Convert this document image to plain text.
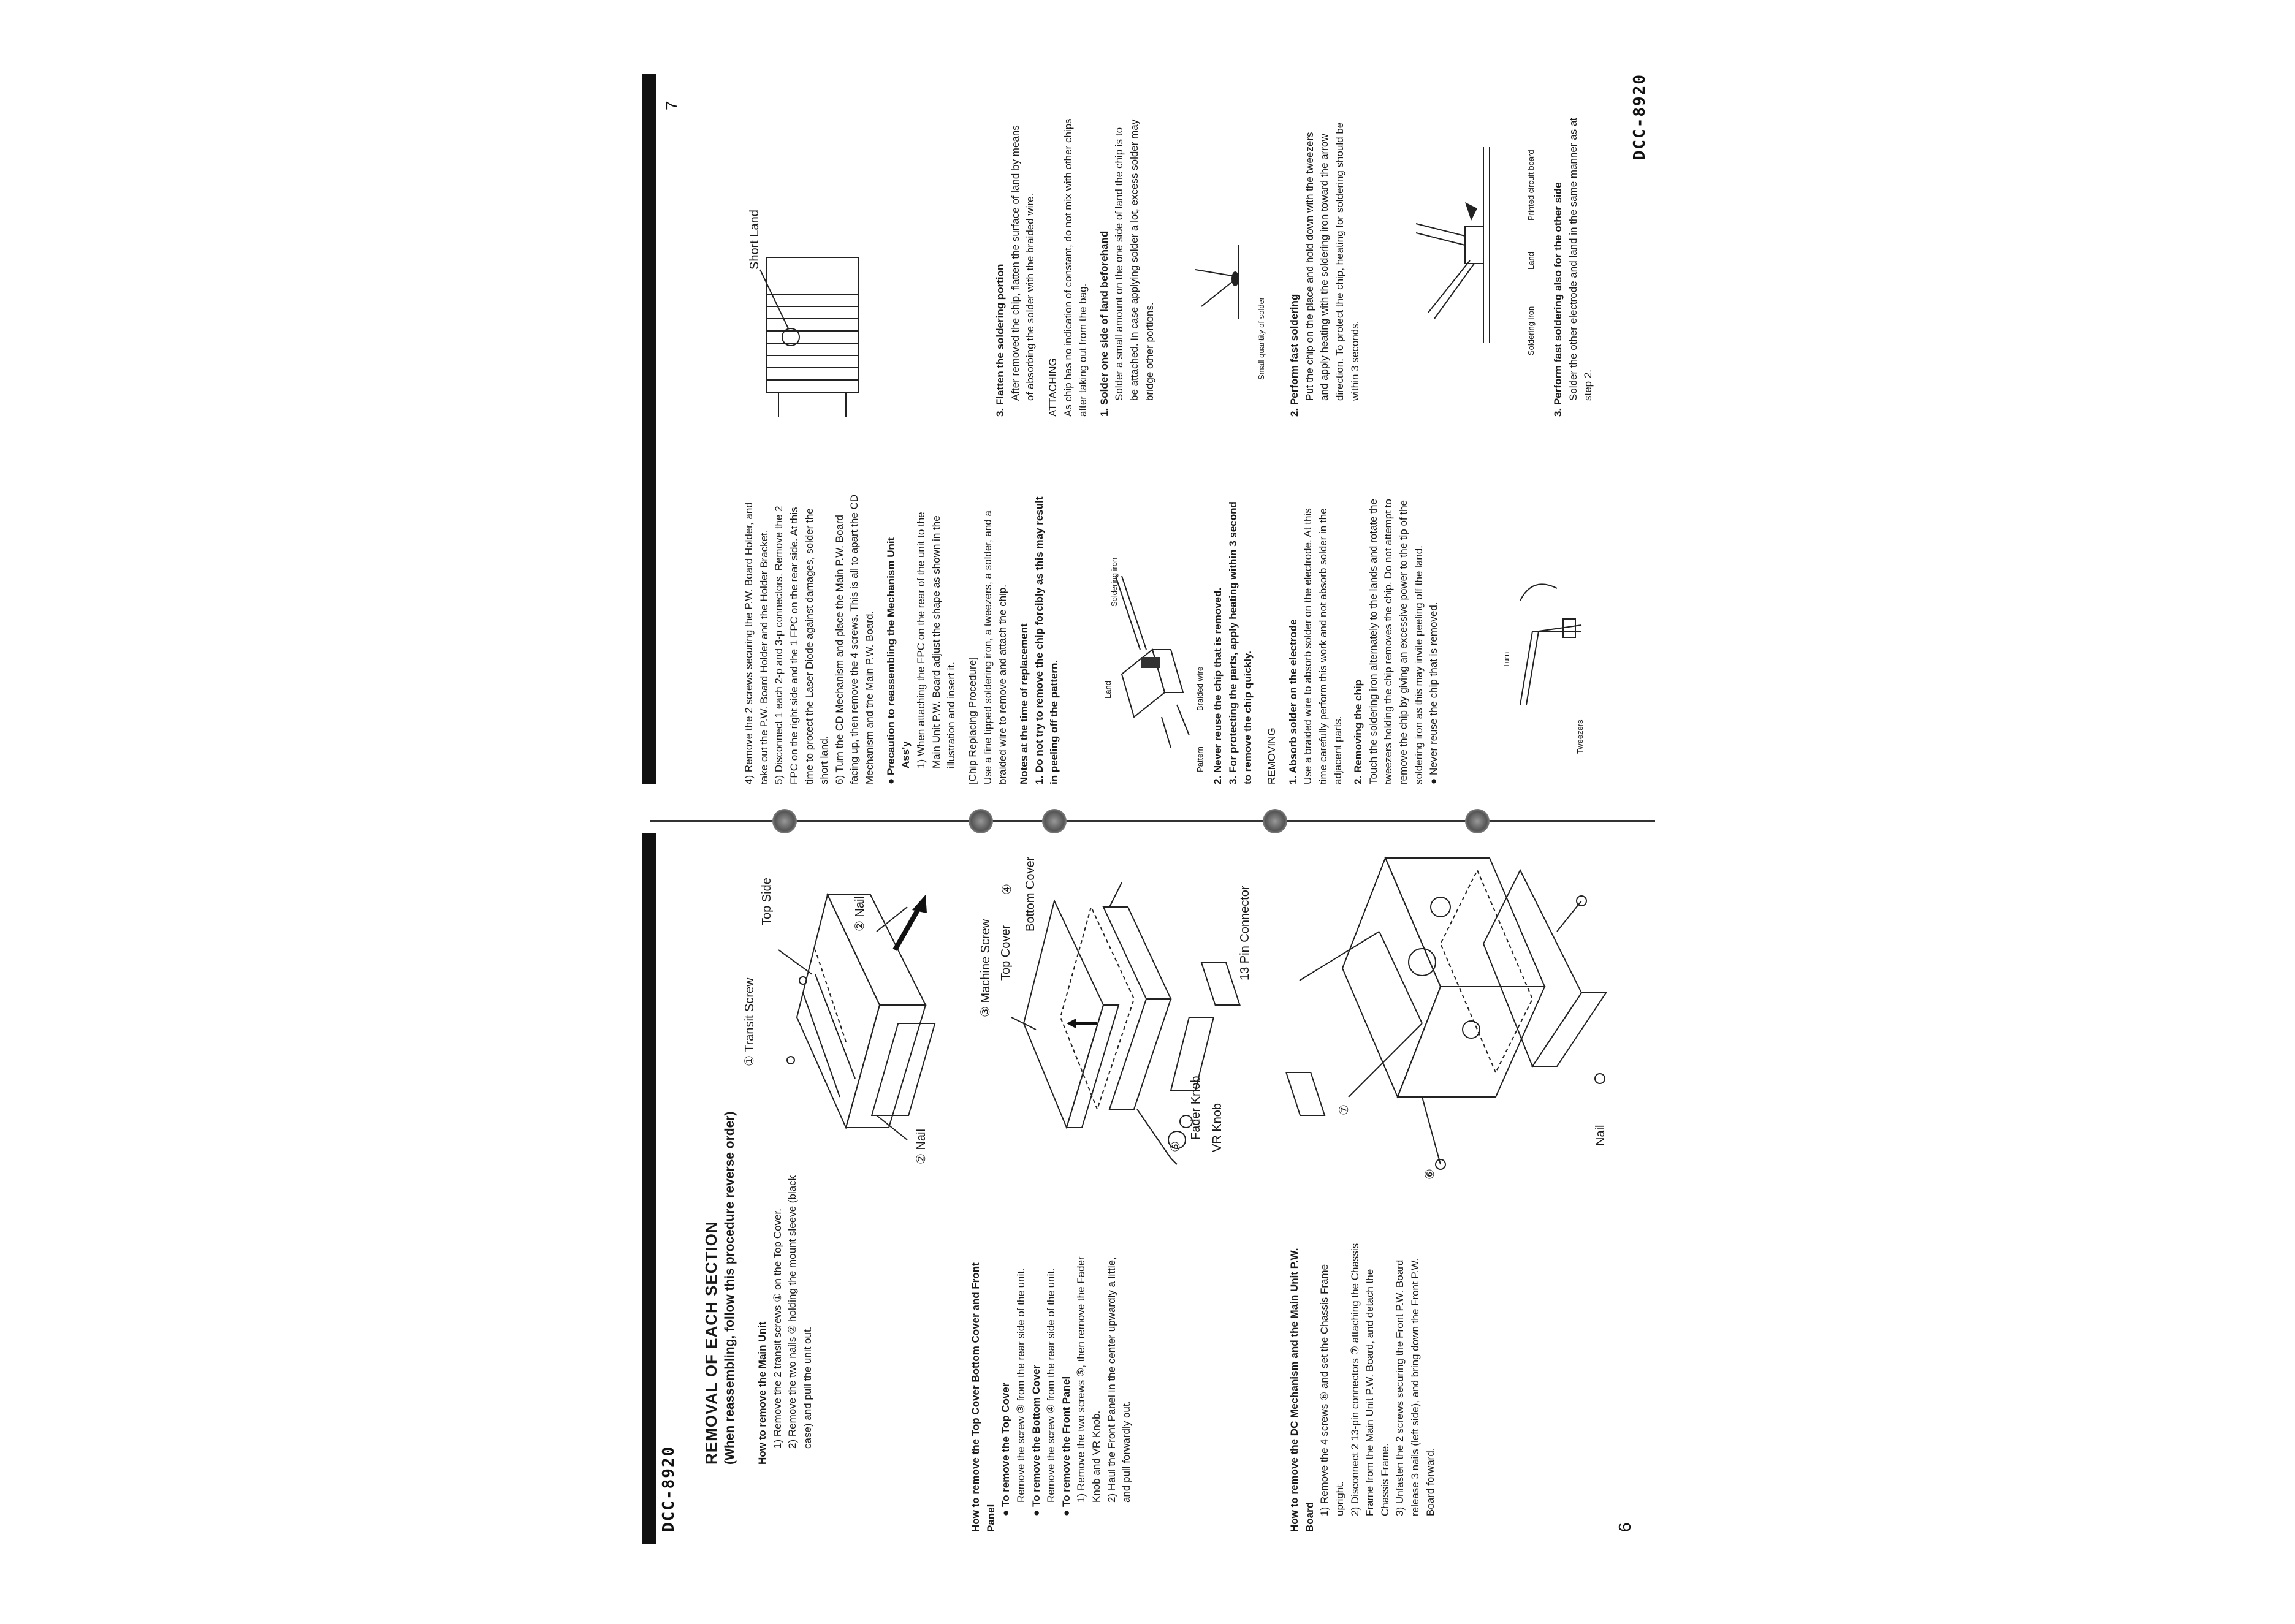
DCC-8920	6
REMOVAL OF EACH SECTION (When reassembling, follow this procedure reverse order) How to remove the Main Unit 1) Remove the 2 transit screws ① on the Top Cover. 2) Remove the two nails ② holding the mount sleeve (black case) and pull the unit out.	How to remove the Top Cover Bottom Cover and Front Panel ● To remove the Top Cover Remove the screw ③ from the rear side of the unit.

● To remove the Bottom Cover Remove the screw ④ from the rear side of the unit.

● To remove the Front Panel 1) Remove the two screws ⑤, then remove the Fader Knob and VR Knob. 2) Haul the Front Panel in the center upwardly a little, and pull forwardly out.	How to remove the DC Mechanism and the Main Unit P.W. Board

1) Remove the 4 screws ⑥ and set the Chassis Frame upright. 2) Disconnect 2 13-pin connectors ⑦ attaching the Chassis Frame from the Main Unit P.W. Board, and detach the Chassis Frame. 3) Unfasten the 2 screws securing the Front P.W. Board release 3 nails (left side), and bring down the Front P.W. Board forward.

① Transit Screw
Top Side	② Nail
② Nail
③ Machine Screw Top Cover
④ Bottom Cover
⑤
Fader Knob VR Knob
13 Pin Connector
⑦
⑥
Nail
DCC-8920
7

4) Remove the 2 screws securing the P.W. Board Holder, and take out the P.W. Board Holder and the Holder Bracket. 5) Disconnect 1 each 2-p and 3-p connectors. Remove the 2 FPC on the right side and the 1 FPC on the rear side. At this time to protect the Laser Diode against damages, solder the short land. 6) Turn the CD Mechanism and place the Main P.W. Board facing up, then remove the 4 screws. This is all to apart the CD Mechanism and the Main P.W. Board. ● Precaution to reassembling the Mechanism Unit Ass'y 1) When attaching the FPC on the rear of the unit to the Main Unit P.W. Board adjust the shape as shown in the illustration and insert it. [Chip Replacing Procedure] Use a fine tipped soldering iron, a tweezers, a solder, and a braided wire to remove and attach the chip. Notes at the time of replacement 1. Do not try to remove the chip forcibly as this may result in peeling off the pattern.	Land
Soldering iron
Pattern
Braided wire 2. Never reuse the chip that is removed. 3. For protecting the parts, apply heating within 3 second to remove the chip quickly. REMOVING 1. Absorb solder on the electrode Use a braided wire to absorb solder on the electrode. At this time carefully perform this work and not absorb solder in the adjacent parts. 2. Removing the chip Touch the soldering iron alternately to the lands and rotate the tweezers holding the chip removes the chip. Do not attempt to remove the chip by giving an excessive power to the tip of the soldering iron as this may invite peeling off the land. ● Never reuse the chip that is removed.	Turn
Tweezers
Short Land

3. Flatten the soldering portion After removed the chip, flatten the surface of land by means of absorbing the solder with the braided wire. ATTACHING As chip has no indication of constant, do not mix with other chips after taking out from the bag. 1. Solder one side of land beforehand Solder a small amount on the one side of land the chip is to be attached. In case applying solder a lot, excess solder may bridge other portions.	Small quantity of solder 2. Perform fast soldering Put the chip on the place and hold down with the tweezers and apply heating with the soldering iron toward the arrow direction. To protect the chip, heating for soldering should be within 3 seconds.	Soldering iron
Land
Printed circuit board 3. Perform fast soldering also for the other side Solder the other electrode and land in the same manner as at step 2.
